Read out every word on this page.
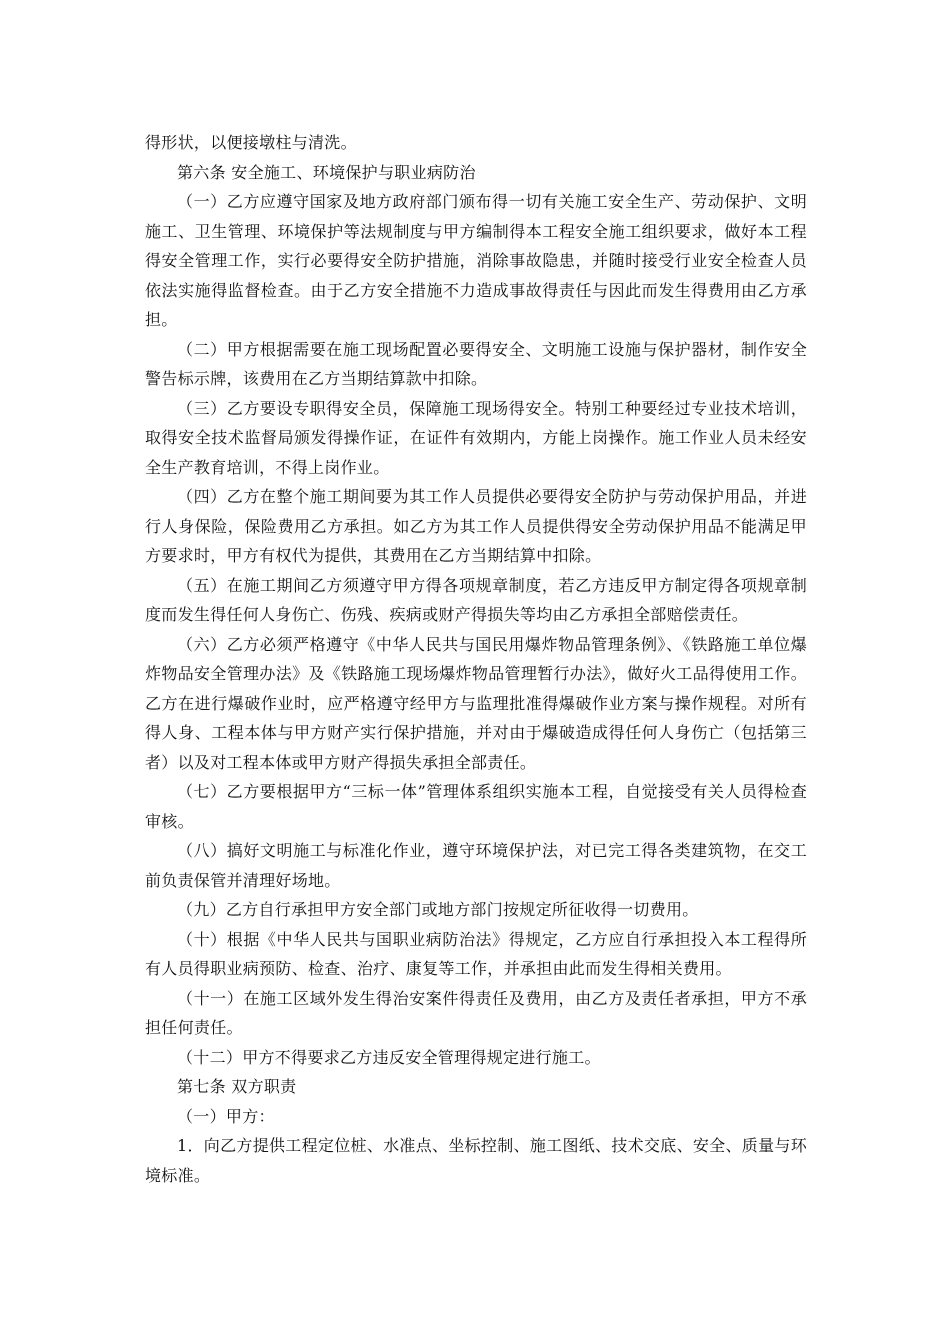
得形状，以便接墩柱与清洗。

第六条 安全施工、环境保护与职业病防治

（一）乙方应遵守国家及地方政府部门颁布得一切有关施工安全生产、劳动保护、文明施工、卫生管理、环境保护等法规制度与甲方编制得本工程安全施工组织要求，做好本工程得安全管理工作，实行必要得安全防护措施，消除事故隐患，并随时接受行业安全检查人员依法实施得监督检查。由于乙方安全措施不力造成事故得责任与因此而发生得费用由乙方承担。

（二）甲方根据需要在施工现场配置必要得安全、文明施工设施与保护器材，制作安全警告标示牌，该费用在乙方当期结算款中扣除。

（三）乙方要设专职得安全员，保障施工现场得安全。特别工种要经过专业技术培训，取得安全技术监督局颁发得操作证，在证件有效期内，方能上岗操作。施工作业人员未经安全生产教育培训，不得上岗作业。

（四）乙方在整个施工期间要为其工作人员提供必要得安全防护与劳动保护用品，并进行人身保险，保险费用乙方承担。如乙方为其工作人员提供得安全劳动保护用品不能满足甲方要求时，甲方有权代为提供，其费用在乙方当期结算中扣除。

（五）在施工期间乙方须遵守甲方得各项规章制度，若乙方违反甲方制定得各项规章制度而发生得任何人身伤亡、伤残、疾病或财产得损失等均由乙方承担全部赔偿责任。

（六）乙方必须严格遵守《中华人民共与国民用爆炸物品管理条例》、《铁路施工单位爆炸物品安全管理办法》及《铁路施工现场爆炸物品管理暂行办法》，做好火工品得使用工作。乙方在进行爆破作业时，应严格遵守经甲方与监理批准得爆破作业方案与操作规程。对所有得人身、工程本体与甲方财产实行保护措施，并对由于爆破造成得任何人身伤亡（包括第三者）以及对工程本体或甲方财产得损失承担全部责任。

（七）乙方要根据甲方“三标一体”管理体系组织实施本工程，自觉接受有关人员得检查审核。

（八）搞好文明施工与标准化作业，遵守环境保护法，对已完工得各类建筑物，在交工前负责保管并清理好场地。

（九）乙方自行承担甲方安全部门或地方部门按规定所征收得一切费用。

（十）根据《中华人民共与国职业病防治法》得规定，乙方应自行承担投入本工程得所有人员得职业病预防、检查、治疗、康复等工作，并承担由此而发生得相关费用。

（十一）在施工区域外发生得治安案件得责任及费用，由乙方及责任者承担，甲方不承担任何责任。

（十二）甲方不得要求乙方违反安全管理得规定进行施工。

第七条 双方职责

（一）甲方：

1．向乙方提供工程定位桩、水准点、坐标控制、施工图纸、技术交底、安全、质量与环境标准。
